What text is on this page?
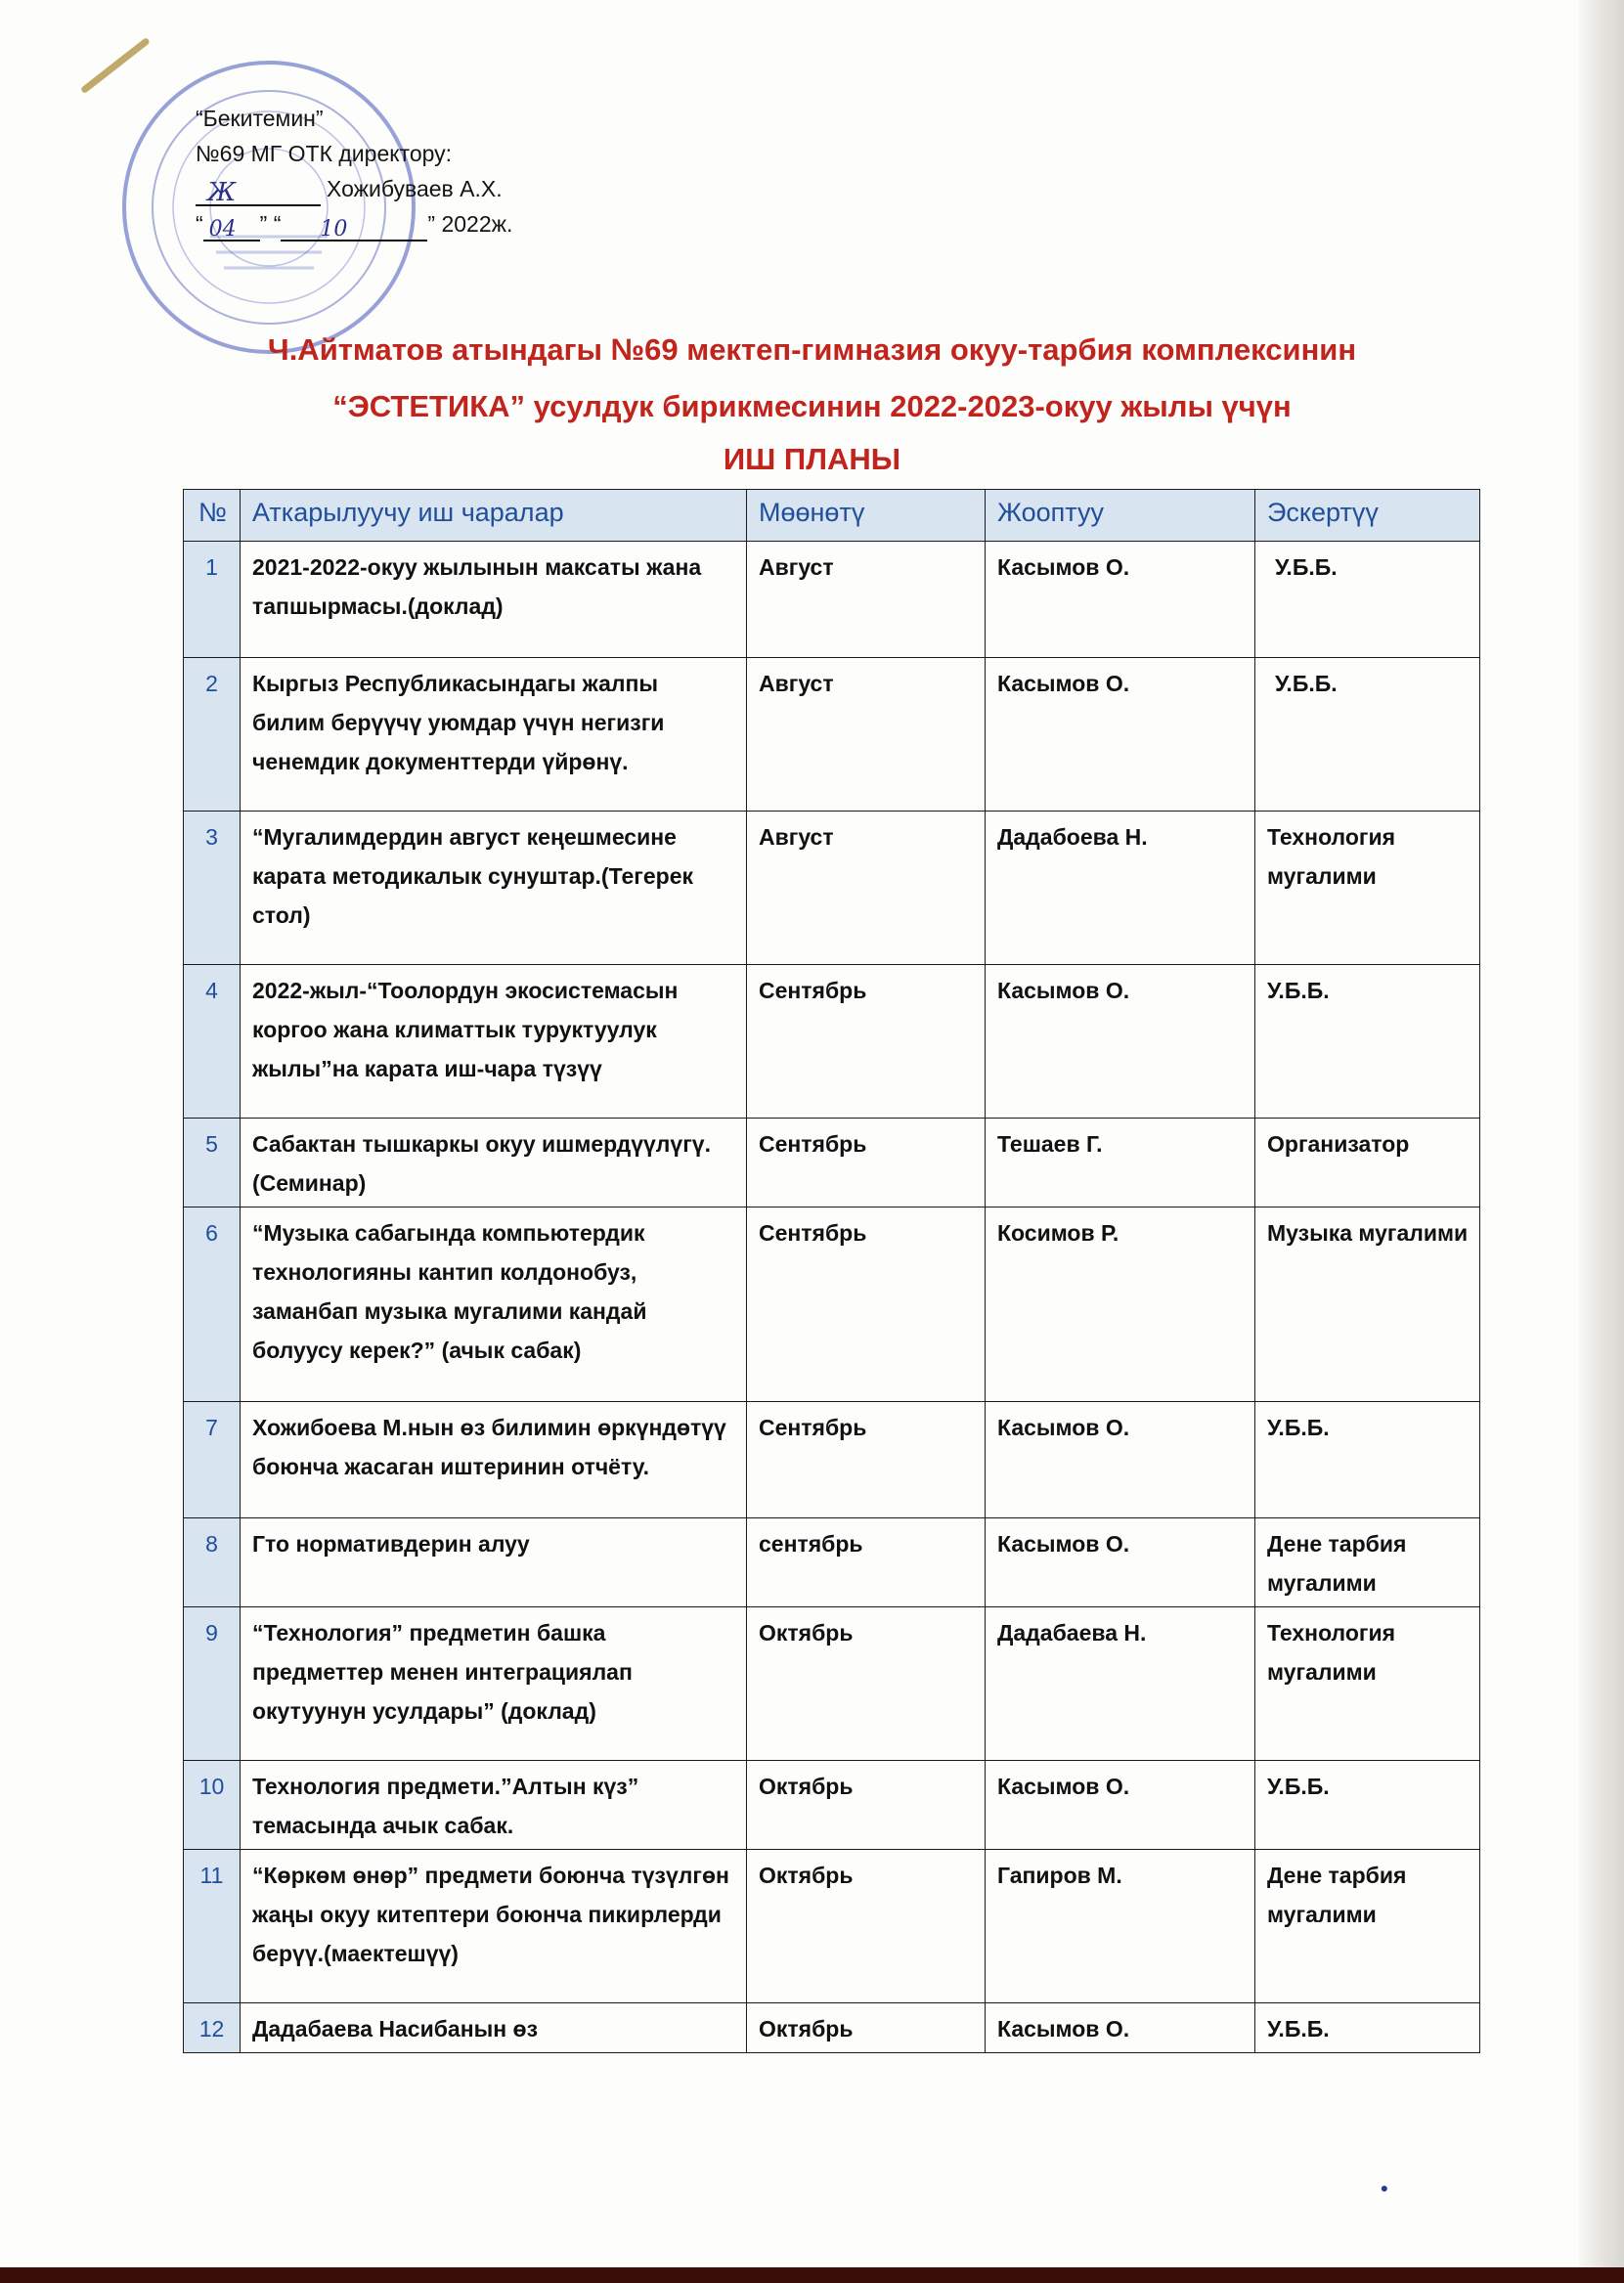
“Бекитемин”
№69 МГ ОТК директору:
Ж	Хожибуваев А.Х.
“ 04 ” “ 10	” 2022ж.
Ч.Айтматов атындагы №69 мектеп-гимназия окуу-тарбия комплексинин
“ЭСТЕТИКА” усулдук бирикмесинин 2022-2023-окуу жылы үчүн
ИШ ПЛАНЫ
№	Аткарылуучу иш чаралар	Мөөнөтү	Жооптуу	Эскертүү
1	2021-2022-окуу жылынын максаты жана тапшырмасы.(доклад)	Август	Касымов О.	У.Б.Б.
2	Кыргыз Республикасындагы жалпы билим берүүчү уюмдар үчүн негизги ченемдик документтерди үйрөнү.	Август	Касымов О.	У.Б.Б.
3	“Мугалимдердин август кеңешмесине карата методикалык сунуштар.(Тегерек стол)	Август	Дадабоева Н.	Технология мугалими
4	2022-жыл-“Тоолордун экосистемасын коргоо жана климаттык туруктуулук жылы”на карата иш-чара түзүү	Сентябрь	Касымов О.	У.Б.Б.
5	Сабактан тышкаркы окуу ишмердүүлүгү.(Семинар)	Сентябрь	Тешаев Г.	Организатор
6	“Музыка сабагында компьютердик технологияны кантип колдонобуз, заманбап музыка мугалими кандай болуусу керек?” (ачык сабак)	Сентябрь	Косимов Р.	Музыка мугалими
7	Хожибоева М.нын өз билимин өркүндөтүү боюнча жасаган иштеринин отчёту.	Сентябрь	Касымов О.	У.Б.Б.
8	Гто нормативдерин алуу	сентябрь	Касымов О.	Дене тарбия мугалими
9	“Технология” предметин башка предметтер менен интеграциялап окутуунун усулдары” (доклад)	Октябрь	Дадабаева Н.	Технология мугалими
10	Технология предмети.”Алтын күз” темасында ачык сабак.	Октябрь	Касымов О.	У.Б.Б.
11	“Көркөм өнөр” предмети боюнча түзүлгөн жаңы окуу китептери боюнча пикирлерди берүү.(маектешүү)	Октябрь	Гапиров М.	Дене тарбия мугалими
12	Дадабаева Насибанын өз	Октябрь	Касымов О.	У.Б.Б.
•
